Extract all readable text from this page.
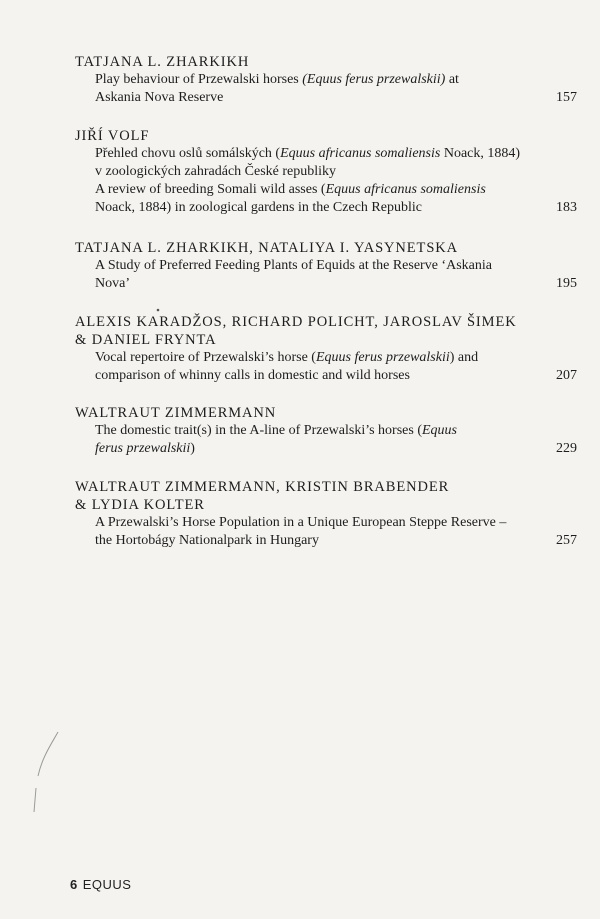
TATJANA L. ZHARKIKH

Play behaviour of Przewalski horses (Equus ferus przewalskii) at Askania Nova Reserve	157
JIŘÍ VOLF

Přehled chovu oslů somálských (Equus africanus somaliensis Noack, 1884) v zoologických zahradách České republiky

A review of breeding Somali wild asses (Equus africanus somaliensis Noack, 1884) in zoological gardens in the Czech Republic	183
TATJANA L. ZHARKIKH, NATALIYA I. YASYNETSKA

A Study of Preferred Feeding Plants of Equids at the Reserve ‘Askania Nova’	195
ALEXIS KARADŽOS, RICHARD POLICHT, JAROSLAV ŠIMEK
& DANIEL FRYNTA

Vocal repertoire of Przewalski’s horse (Equus ferus przewalskii) and comparison of whinny calls in domestic and wild horses	207
WALTRAUT ZIMMERMANN

The domestic trait(s) in the A-line of Przewalski’s horses (Equus ferus przewalskii)	229
WALTRAUT ZIMMERMANN, KRISTIN BRABENDER
& LYDIA KOLTER

A Przewalski’s Horse Population in a Unique European Steppe Reserve – the Hortobágy Nationalpark in Hungary	257
6 EQUUS
